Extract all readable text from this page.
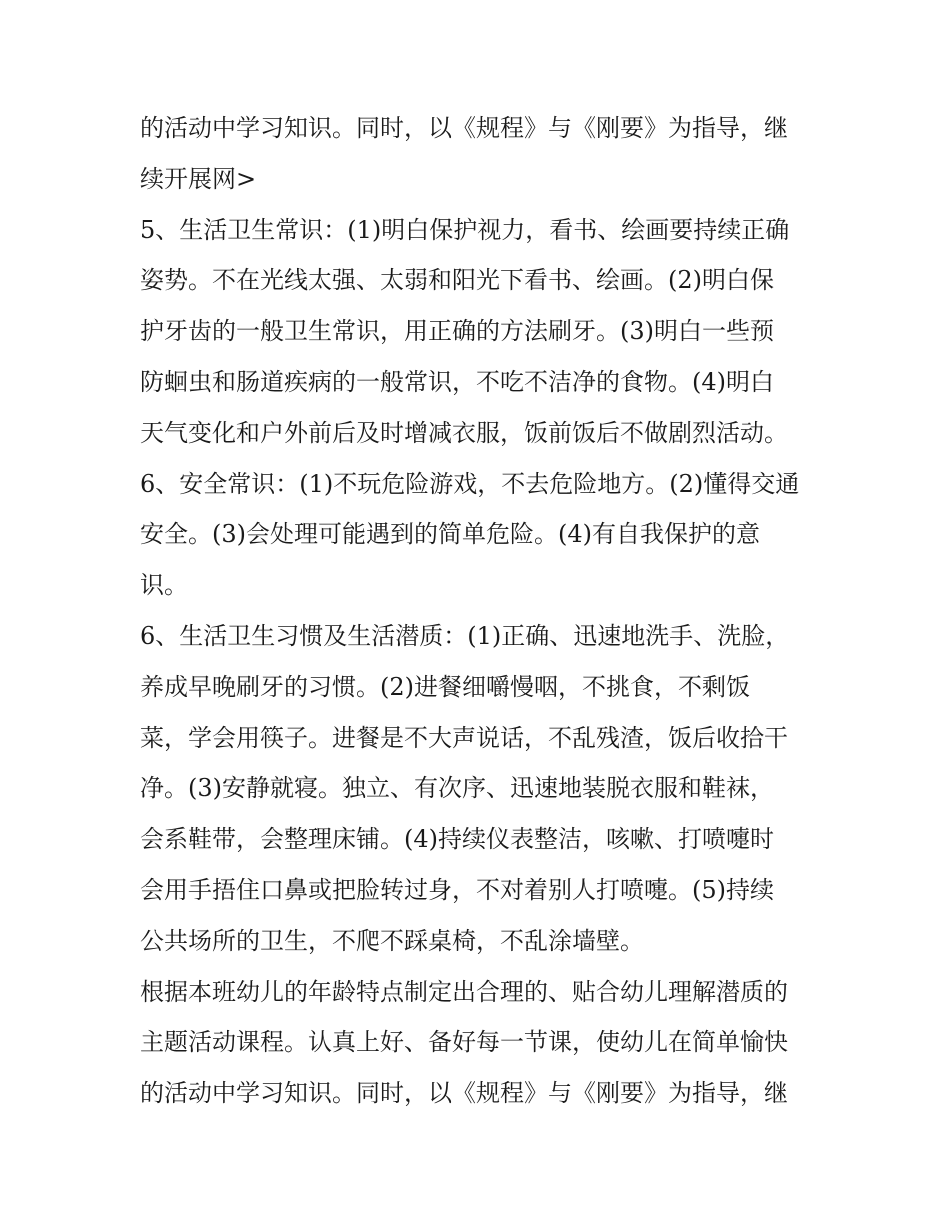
的活动中学习知识。同时，以《规程》与《刚要》为指导，继
续开展网>
5、生活卫生常识：(1)明白保护视力，看书、绘画要持续正确
姿势。不在光线太强、太弱和阳光下看书、绘画。(2)明白保
护牙齿的一般卫生常识，用正确的方法刷牙。(3)明白一些预
防蛔虫和肠道疾病的一般常识，不吃不洁净的食物。(4)明白
天气变化和户外前后及时增减衣服，饭前饭后不做剧烈活动。
6、安全常识：(1)不玩危险游戏，不去危险地方。(2)懂得交通
安全。(3)会处理可能遇到的简单危险。(4)有自我保护的意
识。
6、生活卫生习惯及生活潜质：(1)正确、迅速地洗手、洗脸，
养成早晚刷牙的习惯。(2)进餐细嚼慢咽，不挑食，不剩饭
菜，学会用筷子。进餐是不大声说话，不乱残渣，饭后收拾干
净。(3)安静就寝。独立、有次序、迅速地装脱衣服和鞋袜，
会系鞋带，会整理床铺。(4)持续仪表整洁，咳嗽、打喷嚏时
会用手捂住口鼻或把脸转过身，不对着别人打喷嚏。(5)持续
公共场所的卫生，不爬不踩桌椅，不乱涂墙壁。
根据本班幼儿的年龄特点制定出合理的、贴合幼儿理解潜质的
主题活动课程。认真上好、备好每一节课，使幼儿在简单愉快
的活动中学习知识。同时，以《规程》与《刚要》为指导，继
